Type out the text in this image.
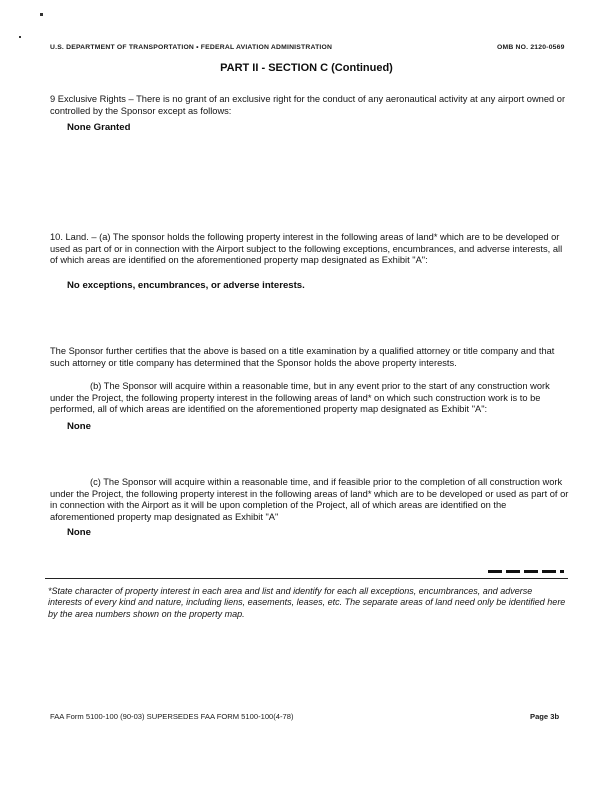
U.S. DEPARTMENT OF TRANSPORTATION • FEDERAL AVIATION ADMINISTRATION	OMB NO. 2120-0569
PART II - SECTION C (Continued)
9 Exclusive Rights – There is no grant of an exclusive right for the conduct of any aeronautical activity at any airport owned or controlled by the Sponsor except as follows:
None Granted
10. Land. – (a) The sponsor holds the following property interest in the following areas of land* which are to be developed or used as part of or in connection with the Airport subject to the following exceptions, encumbrances, and adverse interests, all of which areas are identified on the aforementioned property map designated as Exhibit "A":
No exceptions, encumbrances, or adverse interests.
The Sponsor further certifies that the above is based on a title examination by a qualified attorney or title company and that such attorney or title company has determined that the Sponsor holds the above property interests.
(b) The Sponsor will acquire within a reasonable time, but in any event prior to the start of any construction work under the Project, the following property interest in the following areas of land* on which such construction work is to be performed, all of which areas are identified on the aforementioned property map designated as Exhibit "A":
None
(c) The Sponsor will acquire within a reasonable time, and if feasible prior to the completion of all construction work under the Project, the following property interest in the following areas of land* which are to be developed or used as part of or in connection with the Airport as it will be upon completion of the Project, all of which areas are identified on the aforementioned property map designated as Exhibit "A"
None
*State character of property interest in each area and list and identify for each all exceptions, encumbrances, and adverse interests of every kind and nature, including liens, easements, leases, etc. The separate areas of land need only be identified here by the area numbers shown on the property map.
FAA Form 5100-100 (90-03) SUPERSEDES FAA FORM 5100-100(4-78)	Page 3b
